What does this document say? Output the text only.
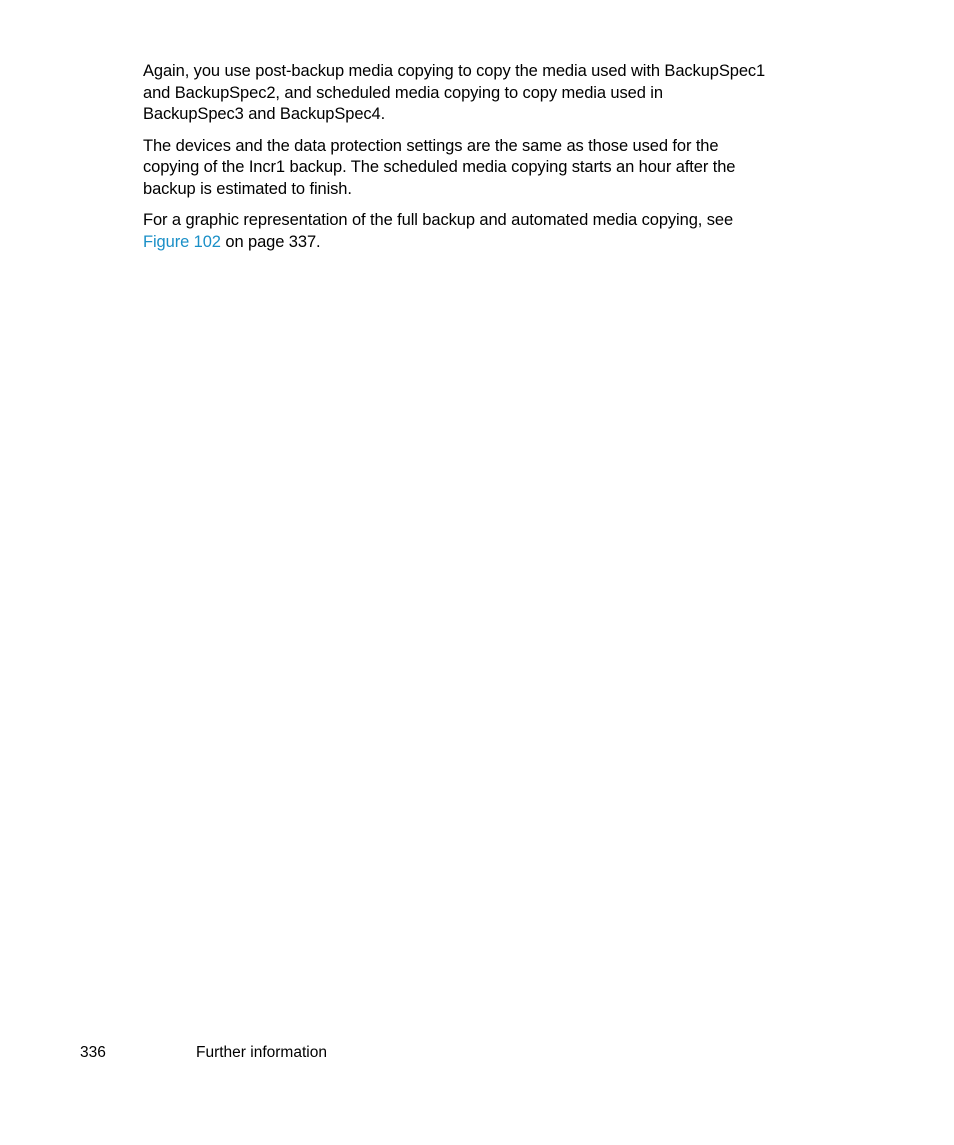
Again, you use post-backup media copying to copy the media used with BackupSpec1
and BackupSpec2, and scheduled media copying to copy media used in
BackupSpec3 and BackupSpec4.

The devices and the data protection settings are the same as those used for the
copying of the Incr1 backup. The scheduled media copying starts an hour after the
backup is estimated to finish.

For a graphic representation of the full backup and automated media copying, see
Figure 102 on page 337.

336	Further information
